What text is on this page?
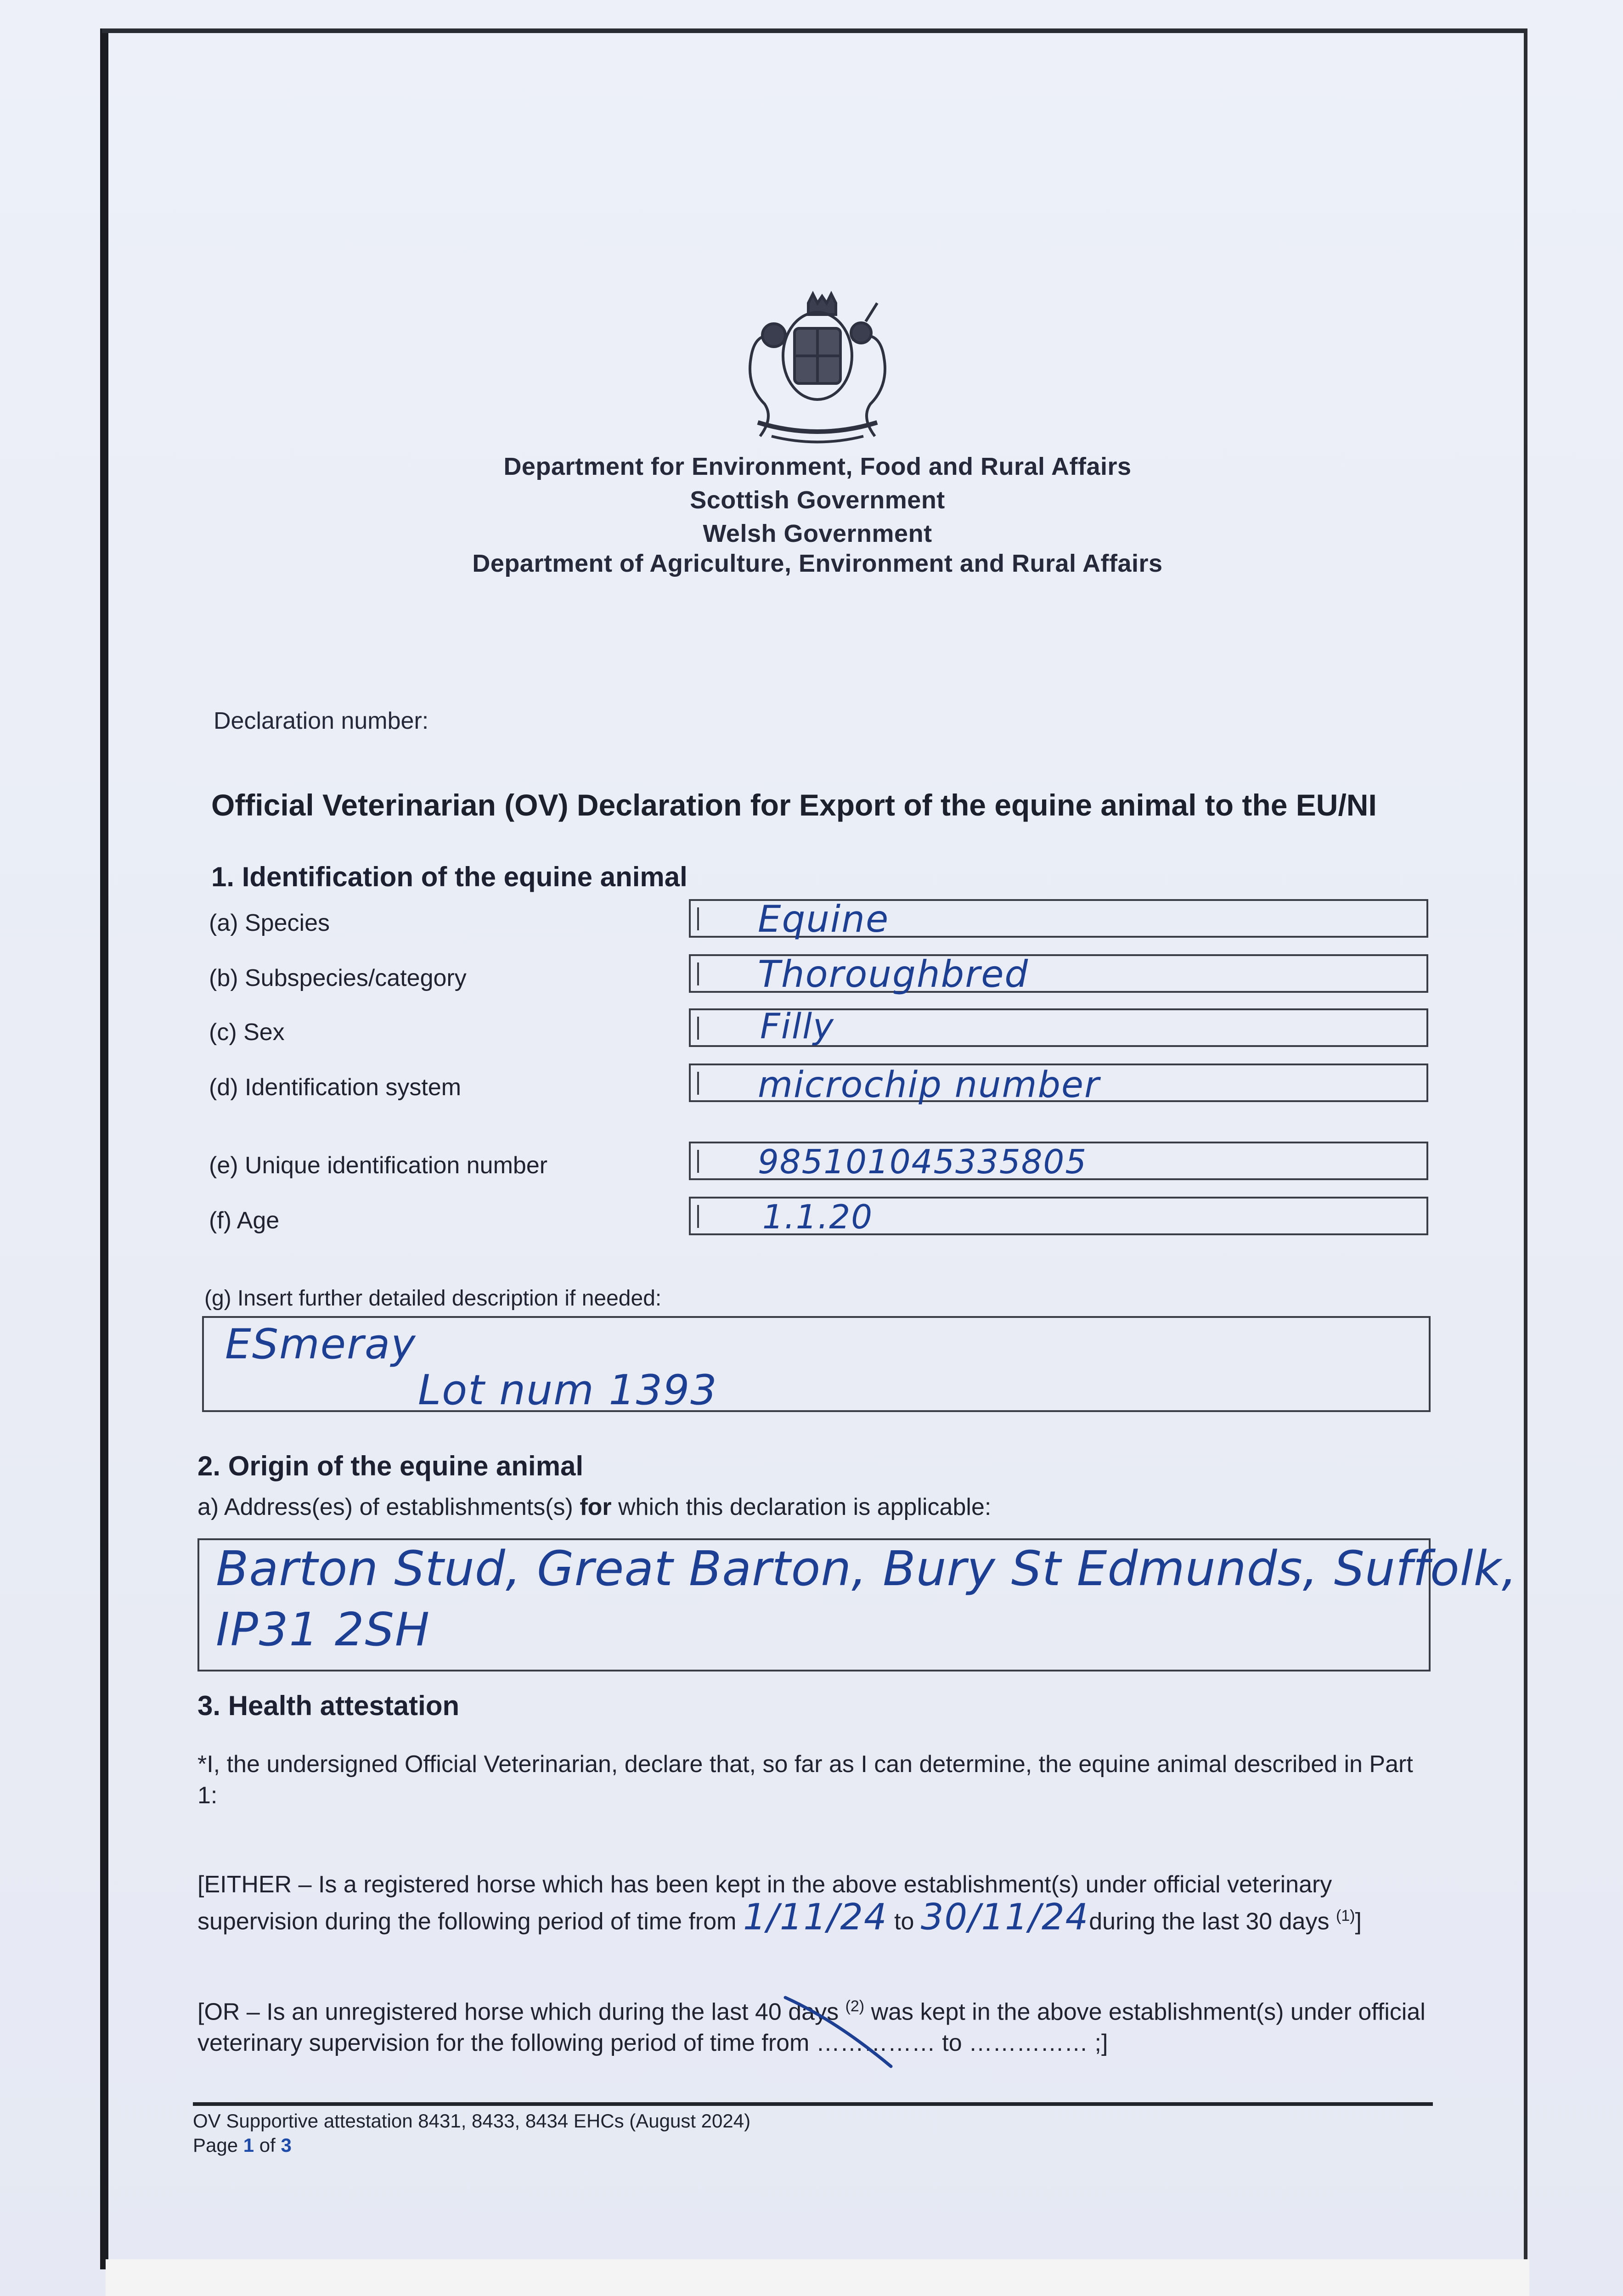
Department for Environment, Food and Rural Affairs
Scottish Government
Welsh Government
Department of Agriculture, Environment and Rural Affairs
Declaration number:
Official Veterinarian (OV) Declaration for Export of the equine animal to the EU/NI
1. Identification of the equine animal
(a) Species	Equine
(b) Subspecies/category	Thoroughbred
(c) Sex	Filly
(d) Identification system	microchip number
(e) Unique identification number	985101045335805
(f) Age	1.1.20
(g) Insert further detailed description if needed:
ESmeray
Lot num 1393
2. Origin of the equine animal
a) Address(es) of establishments(s) for which this declaration is applicable:
Barton Stud, Great Barton, Bury St Edmunds, Suffolk,
IP31 2SH
3. Health attestation
*I, the undersigned Official Veterinarian, declare that, so far as I can determine, the equine animal described in Part 1:
[EITHER – Is a registered horse which has been kept in the above establishment(s) under official veterinary
supervision during the following period of time from 1/11/24 to 30/11/24during the last 30 days $^{(1)}$]
[OR – Is an unregistered horse which during the last 40 days $^{(2)}$ was kept in the above establishment(s) under official
veterinary supervision for the following period of time from …………… to …………… ;]
OV Supportive attestation 8431, 8433, 8434 EHCs (August 2024)
Page 1 of 3
